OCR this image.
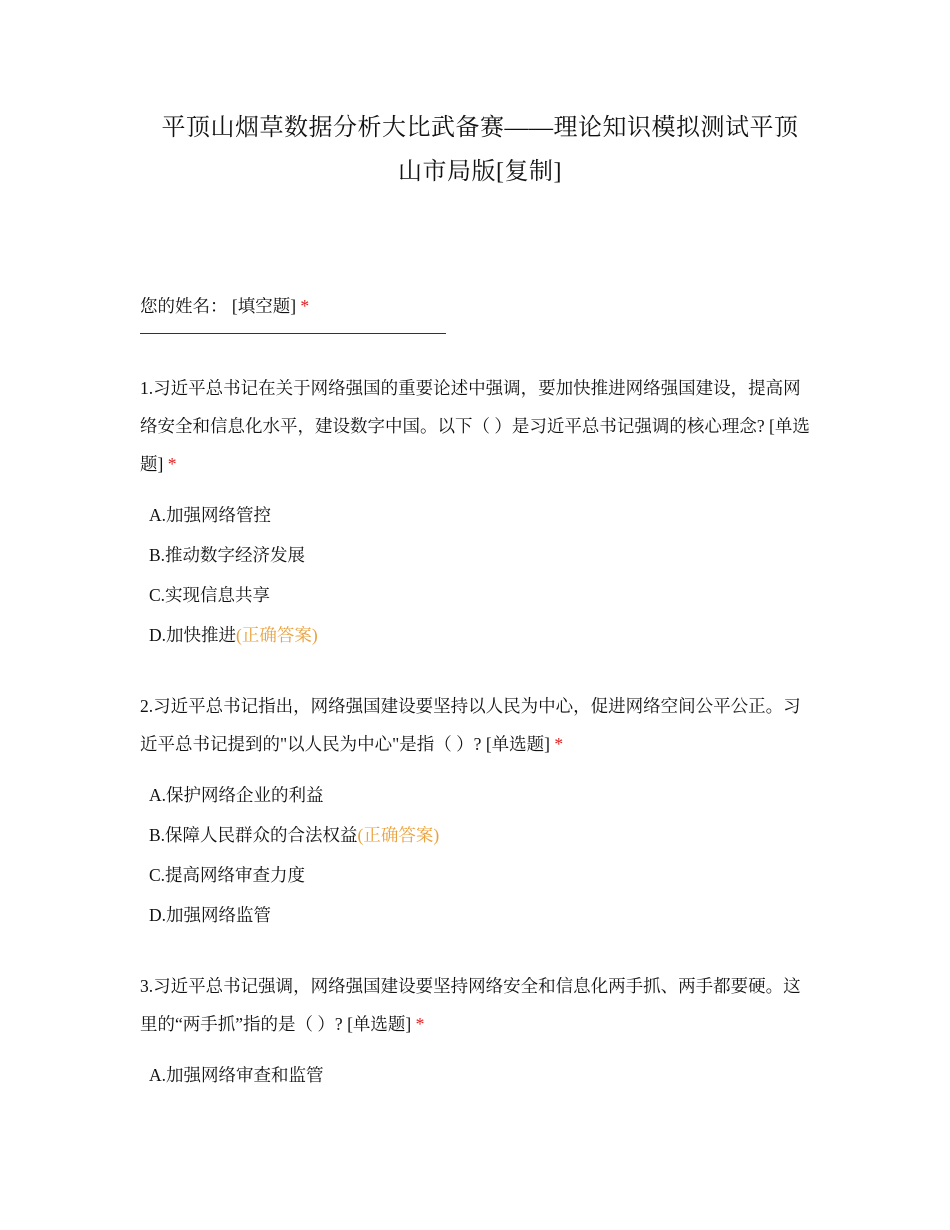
平顶山烟草数据分析大比武备赛——理论知识模拟测试平顶山市局版[复制]

您的姓名： [填空题] *

1.习近平总书记在关于网络强国的重要论述中强调，要加快推进网络强国建设，提高网络安全和信息化水平，建设数字中国。以下（ ）是习近平总书记强调的核心理念? [单选题] *

A.加强网络管控
B.推动数字经济发展
C.实现信息共享
D.加快推进(正确答案)

2.习近平总书记指出，网络强国建设要坚持以人民为中心，促进网络空间公平公正。习近平总书记提到的"以人民为中心"是指（ ）? [单选题] *

A.保护网络企业的利益
B.保障人民群众的合法权益(正确答案)
C.提高网络审查力度
D.加强网络监管

3.习近平总书记强调，网络强国建设要坚持网络安全和信息化两手抓、两手都要硬。这里的“两手抓”指的是（ ）? [单选题] *

A.加强网络审查和监管
